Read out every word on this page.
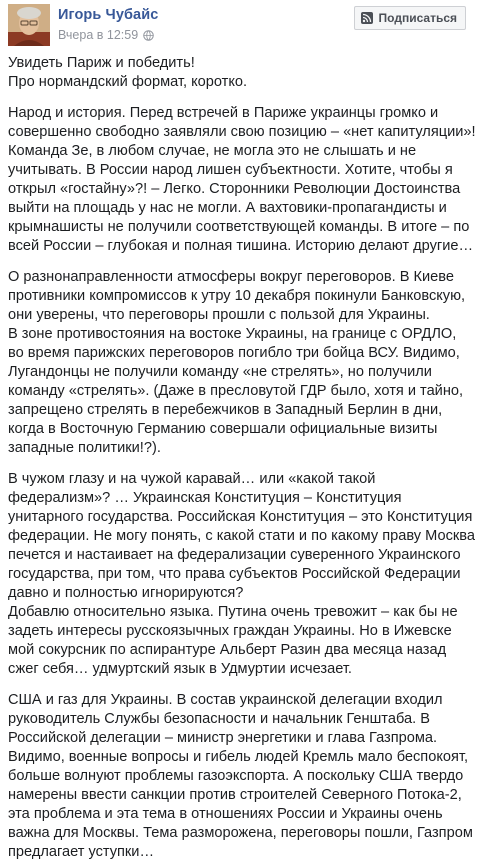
Игорь Чубайс
Вчера в 12:59
Подписаться

Увидеть Париж и победить!

Про нормандский формат, коротко.

Народ и история. Перед встречей в Париже украинцы громко и совершенно свободно заявляли свою позицию – «нет капитуляции»! Команда Зе, в любом случае, не могла это не слышать и не учитывать. В России народ лишен субъектности. Хотите, чтобы я открыл «гостайну»?! – Легко. Сторонники Революции Достоинства выйти на площадь у нас не могли. А вахтовики-пропагандисты и крымнашисты не получили соответствующей команды. В итоге – по всей России – глубокая и полная тишина. Историю делают другие…

О разнонаправленности атмосферы вокруг переговоров. В Киеве противники компромиссов к утру 10 декабря покинули Банковскую, они уверены, что переговоры прошли с пользой для Украины.

В зоне противостояния на востоке Украины, на границе с ОРДЛО, во время парижских переговоров погибло три бойца ВСУ. Видимо, Лугандонцы не получили команду «не стрелять», но получили команду «стрелять». (Даже в пресловутой ГДР было, хотя и тайно, запрещено стрелять в перебежчиков в Западный Берлин в дни, когда в Восточную Германию совершали официальные визиты западные политики!?).

В чужом глазу и на чужой каравай… или «какой такой федерализм»? … Украинская Конституция – Конституция унитарного государства. Российская Конституция – это Конституция федерации. Не могу понять, с какой стати и по какому праву Москва печется и настаивает на федерализации суверенного Украинского государства, при том, что права субъектов Российской Федерации давно и полностью игнорируются?

Добавлю относительно языка. Путина очень тревожит – как бы не задеть интересы русскоязычных граждан Украины. Но в Ижевске мой сокурсник по аспирантуре Альберт Разин два месяца назад сжег себя… удмуртский язык в Удмуртии исчезает.

США и газ для Украины. В состав украинской делегации входил руководитель Службы безопасности и начальник Генштаба. В Российской делегации – министр энергетики и глава Газпрома. Видимо, военные вопросы и гибель людей Кремль мало беспокоят, больше волнуют проблемы газоэкспорта. А поскольку США твердо намерены ввести санкции против строителей Северного Потока-2, эта проблема и эта тема в отношениях России и Украины очень важна для Москвы. Тема разморожена, переговоры пошли, Газпром предлагает уступки…
